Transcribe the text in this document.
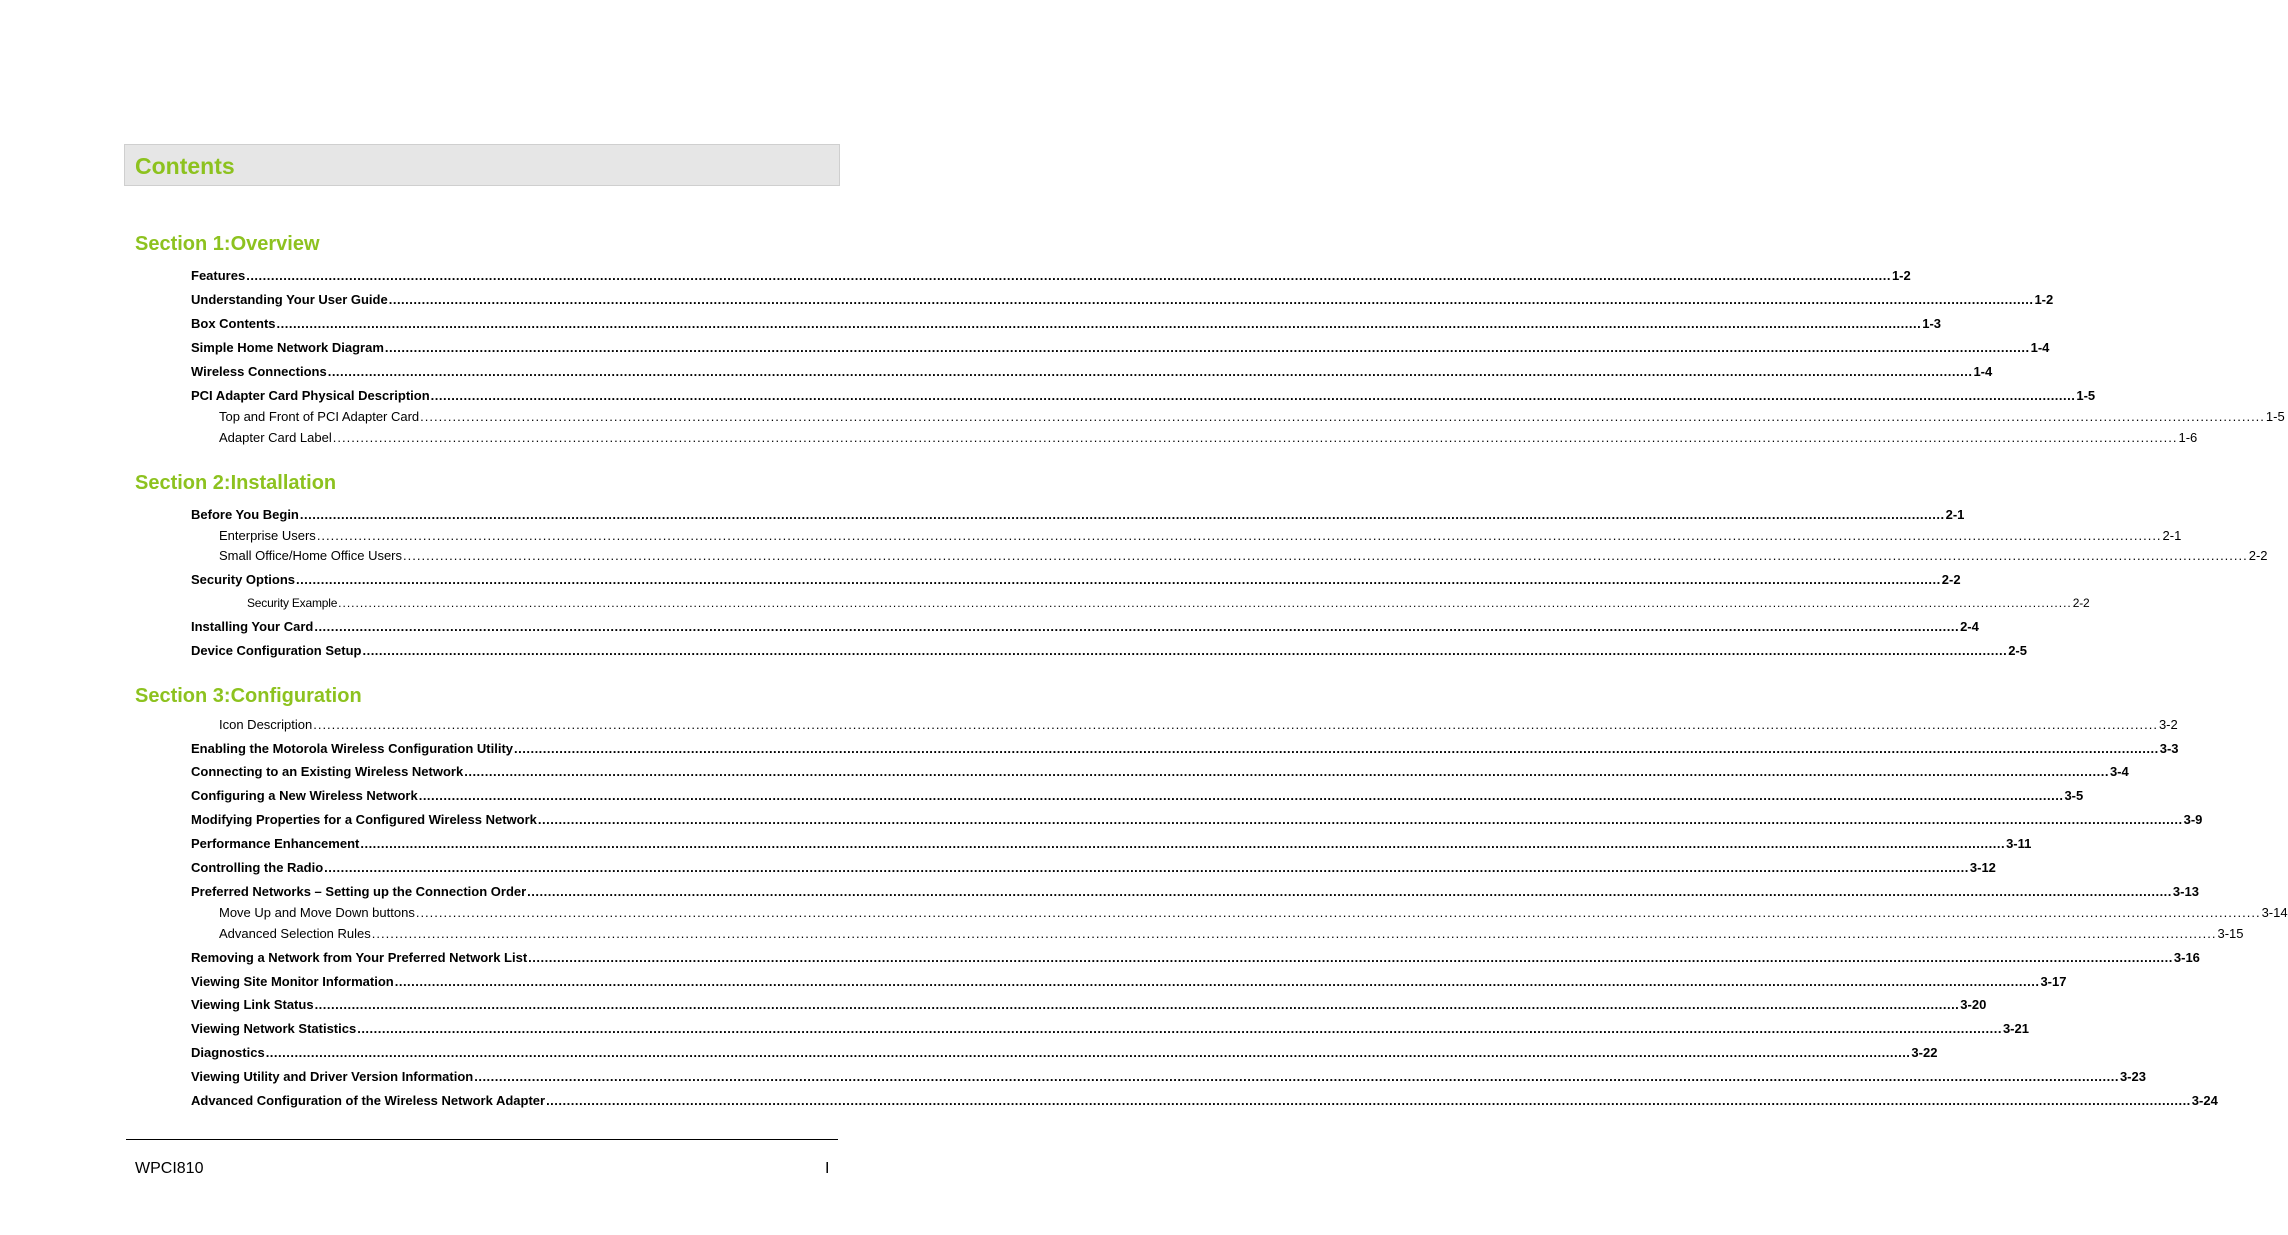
Contents
Section 1:Overview
Features ................................................................................................................................................................................................................................................................................................................................................................................................................ 1-2
Understanding Your User Guide ................................................................................................................................................................................................................................................................................................................................................................................................................ 1-2
Box Contents ................................................................................................................................................................................................................................................................................................................................................................................................................ 1-3
Simple Home Network Diagram ................................................................................................................................................................................................................................................................................................................................................................................................................ 1-4
Wireless Connections ................................................................................................................................................................................................................................................................................................................................................................................................................ 1-4
PCI Adapter Card Physical Description ................................................................................................................................................................................................................................................................................................................................................................................................................ 1-5
Top and Front of PCI Adapter Card ................................................................................................................................................................................................................................................................................................................................................................................................................ 1-5
Adapter Card Label ................................................................................................................................................................................................................................................................................................................................................................................................................ 1-6
Section 2:Installation
Before You Begin ................................................................................................................................................................................................................................................................................................................................................................................................................ 2-1
Enterprise Users ................................................................................................................................................................................................................................................................................................................................................................................................................ 2-1
Small Office/Home Office Users ................................................................................................................................................................................................................................................................................................................................................................................................................ 2-2
Security Options ................................................................................................................................................................................................................................................................................................................................................................................................................ 2-2
Security Example ................................................................................................................................................................................................................................................................................................................................................................................................................ 2-2
Installing Your Card ................................................................................................................................................................................................................................................................................................................................................................................................................ 2-4
Device Configuration Setup ................................................................................................................................................................................................................................................................................................................................................................................................................ 2-5
Section 3:Configuration
Icon Description ................................................................................................................................................................................................................................................................................................................................................................................................................ 3-2
Enabling the Motorola Wireless Configuration Utility ................................................................................................................................................................................................................................................................................................................................................................................................................ 3-3
Connecting to an Existing Wireless Network ................................................................................................................................................................................................................................................................................................................................................................................................................ 3-4
Configuring a New Wireless Network ................................................................................................................................................................................................................................................................................................................................................................................................................ 3-5
Modifying Properties for a Configured Wireless Network ................................................................................................................................................................................................................................................................................................................................................................................................................ 3-9
Performance Enhancement ................................................................................................................................................................................................................................................................................................................................................................................................................ 3-11
Controlling the Radio ................................................................................................................................................................................................................................................................................................................................................................................................................ 3-12
Preferred Networks – Setting up the Connection Order ................................................................................................................................................................................................................................................................................................................................................................................................................ 3-13
Move Up and Move Down buttons ................................................................................................................................................................................................................................................................................................................................................................................................................ 3-14
Advanced Selection Rules ................................................................................................................................................................................................................................................................................................................................................................................................................ 3-15
Removing a Network from Your Preferred Network List ................................................................................................................................................................................................................................................................................................................................................................................................................ 3-16
Viewing Site Monitor Information ................................................................................................................................................................................................................................................................................................................................................................................................................ 3-17
Viewing Link Status ................................................................................................................................................................................................................................................................................................................................................................................................................ 3-20
Viewing Network Statistics ................................................................................................................................................................................................................................................................................................................................................................................................................ 3-21
Diagnostics ................................................................................................................................................................................................................................................................................................................................................................................................................ 3-22
Viewing Utility and Driver Version Information ................................................................................................................................................................................................................................................................................................................................................................................................................ 3-23
Advanced Configuration of the Wireless Network Adapter ................................................................................................................................................................................................................................................................................................................................................................................................................ 3-24
WPCI810	I
